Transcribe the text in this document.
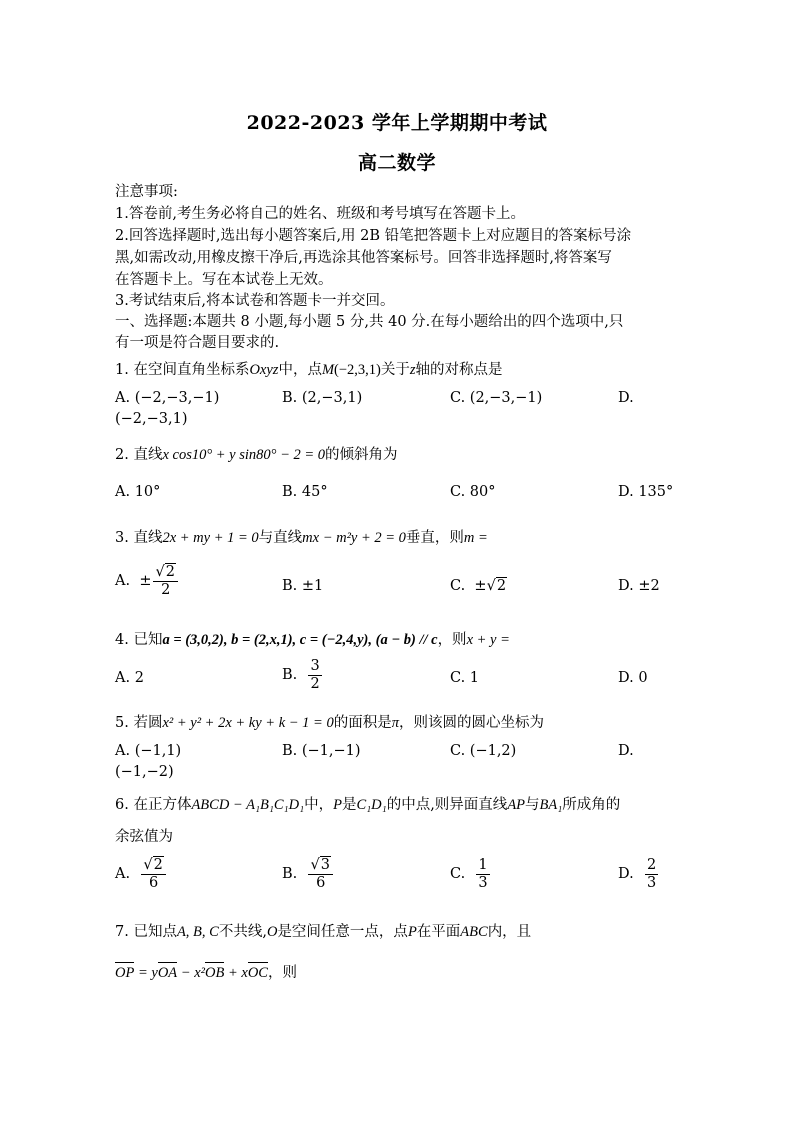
2022-2023 学年上学期期中考试
高二数学
注意事项:
1.答卷前,考生务必将自己的姓名、班级和考号填写在答题卡上。
2.回答选择题时,选出每小题答案后,用 2B 铅笔把答题卡上对应题目的答案标号涂
黑,如需改动,用橡皮擦干净后,再选涂其他答案标号。回答非选择题时,将答案写
在答题卡上。写在本试卷上无效。
3.考试结束后,将本试卷和答题卡一并交回。
一、选择题:本题共 8 小题,每小题 5 分,共 40 分.在每小题给出的四个选项中,只
有一项是符合题目要求的.
1. 在空间直角坐标系Oxyz中，点M(−2,3,1)关于z轴的对称点是
A. (−2,−3,−1)	B. (2,−3,1)	C. (2,−3,−1)	D.
(−2,−3,1)
2. 直线x cos10° + y sin80° − 2 = 0的倾斜角为
A. 10°	B. 45°	C. 80°	D. 135°
3. 直线2x + my + 1 = 0与直线mx − m²y + 2 = 0垂直，则m =
A. ± $\frac{√2}{2}$	B. ±1	C. ±√2	D. ±2
4. 已知a = (3,0,2), b = (2,x,1), c = (−2,4,y), (a − b) // c，则x + y =
A. 2	B. $\frac{3}{2}$	C. 1	D. 0
5. 若圆x² + y² + 2x + ky + k − 1 = 0的面积是π，则该圆的圆心坐标为
A. (−1,1)	B. (−1,−1)	C. (−1,2)	D.
(−1,−2)
6. 在正方体ABCD − A₁B₁C₁D₁中，P是C₁D₁的中点,则异面直线AP与BA₁所成角的
余弦值为
A. $\frac{√2}{6}$	B. $\frac{√3}{6}$	C. $\frac{1}{3}$	D. $\frac{2}{3}$
7. 已知点A, B, C不共线,O是空间任意一点，点P在平面ABC内，且
OP = yOA − x²OB + xOC，则
